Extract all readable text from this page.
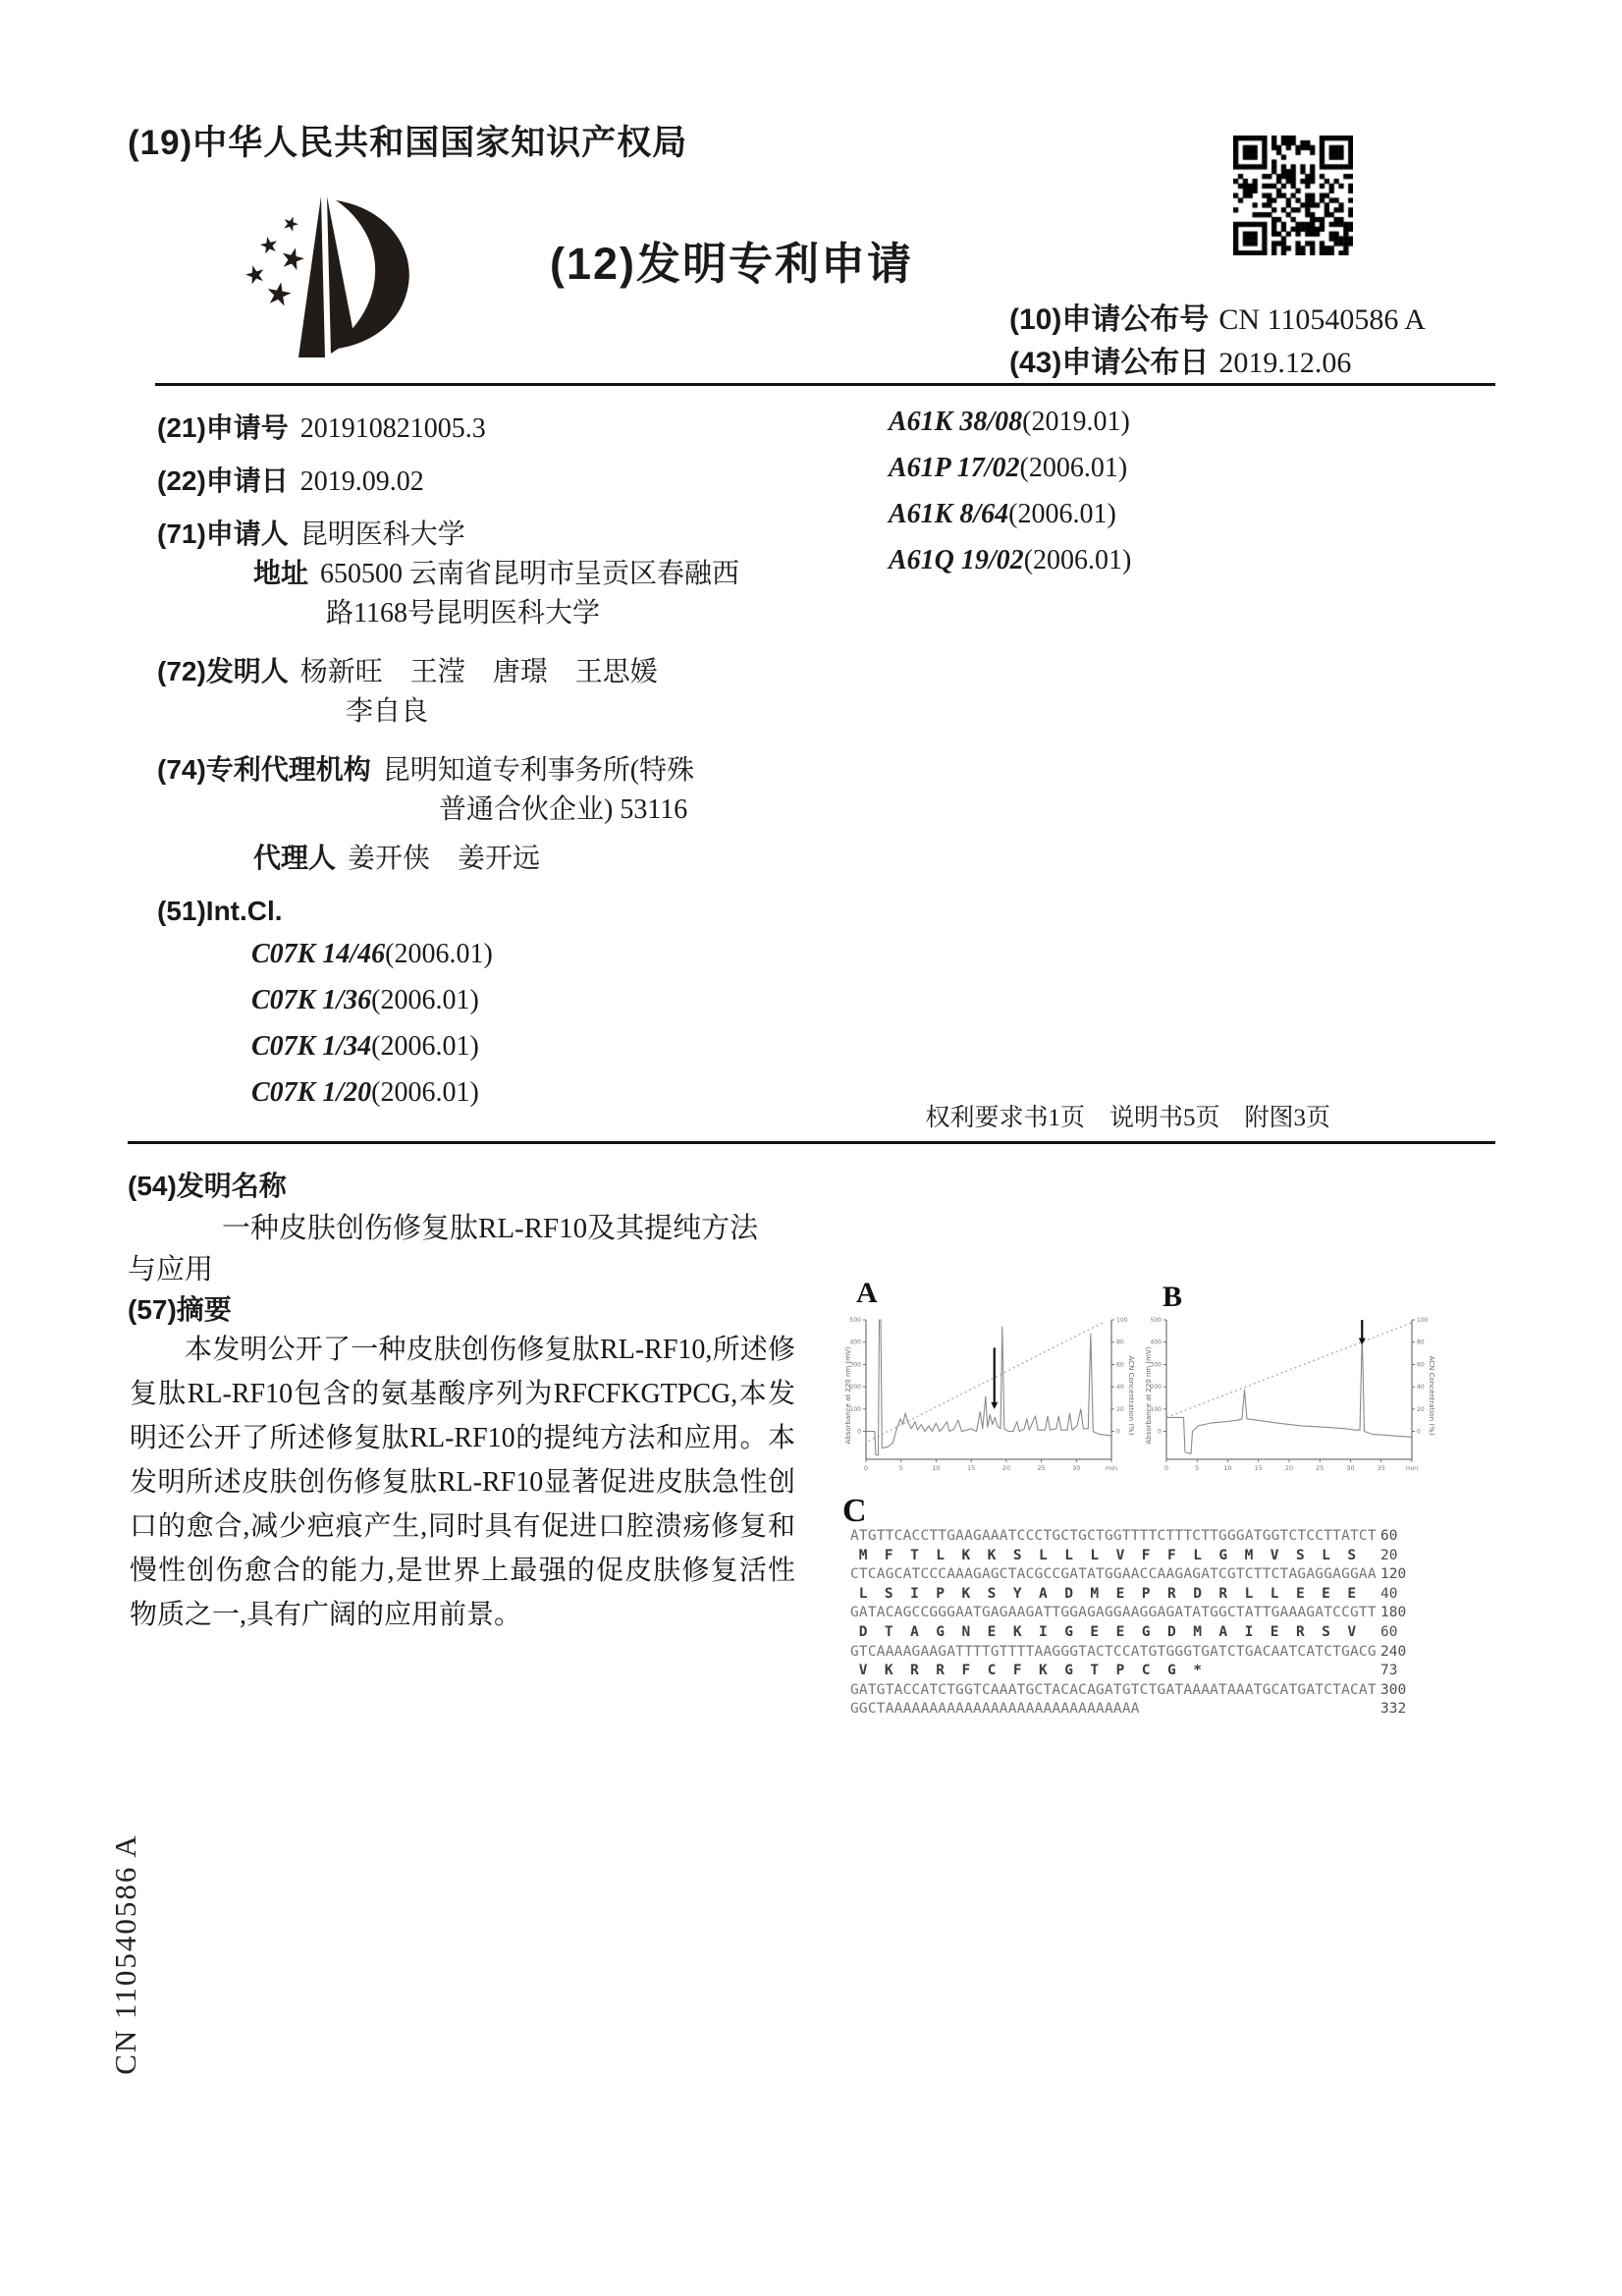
(19)中华人民共和国国家知识产权局
(12)发明专利申请
(10)申请公布号 CN 110540586 A
(43)申请公布日 2019.12.06
(21)申请号 201910821005.3
(22)申请日 2019.09.02
(71)申请人 昆明医科大学
地址 650500 云南省昆明市呈贡区春融西
路1168号昆明医科大学
(72)发明人 杨新旺　王滢　唐璟　王思媛
李自良
(74)专利代理机构 昆明知道专利事务所(特殊
普通合伙企业) 53116
代理人 姜开侠　姜开远
(51)Int.Cl.
C07K 14/46(2006.01)
C07K 1/36(2006.01)
C07K 1/34(2006.01)
C07K 1/20(2006.01)
A61K 38/08(2019.01)
A61P 17/02(2006.01)
A61K 8/64(2006.01)
A61Q 19/02(2006.01)
权利要求书1页　说明书5页　附图3页
(54)发明名称
一种皮肤创伤修复肽RL-RF10及其提纯方法
与应用
(57)摘要
本发明公开了一种皮肤创伤修复肽RL-RF10,所述修复肽RL-RF10包含的氨基酸序列为RFCFKGTPCG,本发明还公开了所述修复肽RL-RF10的提纯方法和应用。本发明所述皮肤创伤修复肽RL-RF10显著促进皮肤急性创口的愈合,减少疤痕产生,同时具有促进口腔溃疡修复和慢性创伤愈合的能力,是世界上最强的促皮肤修复活性物质之一,具有广阔的应用前景。
A
0	5	10	15	20	25	30	min
0
100
200
300
400
500
0
20
40
60
80
100
Absorbance at 220 nm (mV)	ACN Concentration (%)
B
0	5	10	15	20	25	30	35	min
0
100
200
300
400
500
0
20
40
60
80
100
Absorbance at 220 nm (mV)	ACN Concentration (%)
C
ATGTTCACCTTGAAGAAATCCCTGCTGCTGGTTTTCTTTCTTGGGATGGTCTCCTTATCT 60
M  F  T  L  K  K  S  L  L  L  V  F  F  L  G  M  V  S  L  S 20
CTCAGCATCCCAAAGAGCTACGCCGATATGGAACCAAGAGATCGTCTTCTAGAGGAGGAA 120
L  S  I  P  K  S  Y  A  D  M  E  P  R  D  R  L  L  E  E  E 40
GATACAGCCGGGAATGAGAAGATTGGAGAGGAAGGAGATATGGCTATTGAAAGATCCGTT 180
D  T  A  G  N  E  K  I  G  E  E  G  D  M  A  I  E  R  S  V 60
GTCAAAAGAAGATTTTGTTTTAAGGGTACTCCATGTGGGTGATCTGACAATCATCTGACG 240
V  K  R  R  F  C  F  K  G  T  P  C  G  *	73
GATGTACCATCTGGTCAAATGCTACACAGATGTCTGATAAAATAAATGCATGATCTACAT 300
GGCTAAAAAAAAAAAAAAAAAAAAAAAAAAAAA	332
CN 110540586 A
